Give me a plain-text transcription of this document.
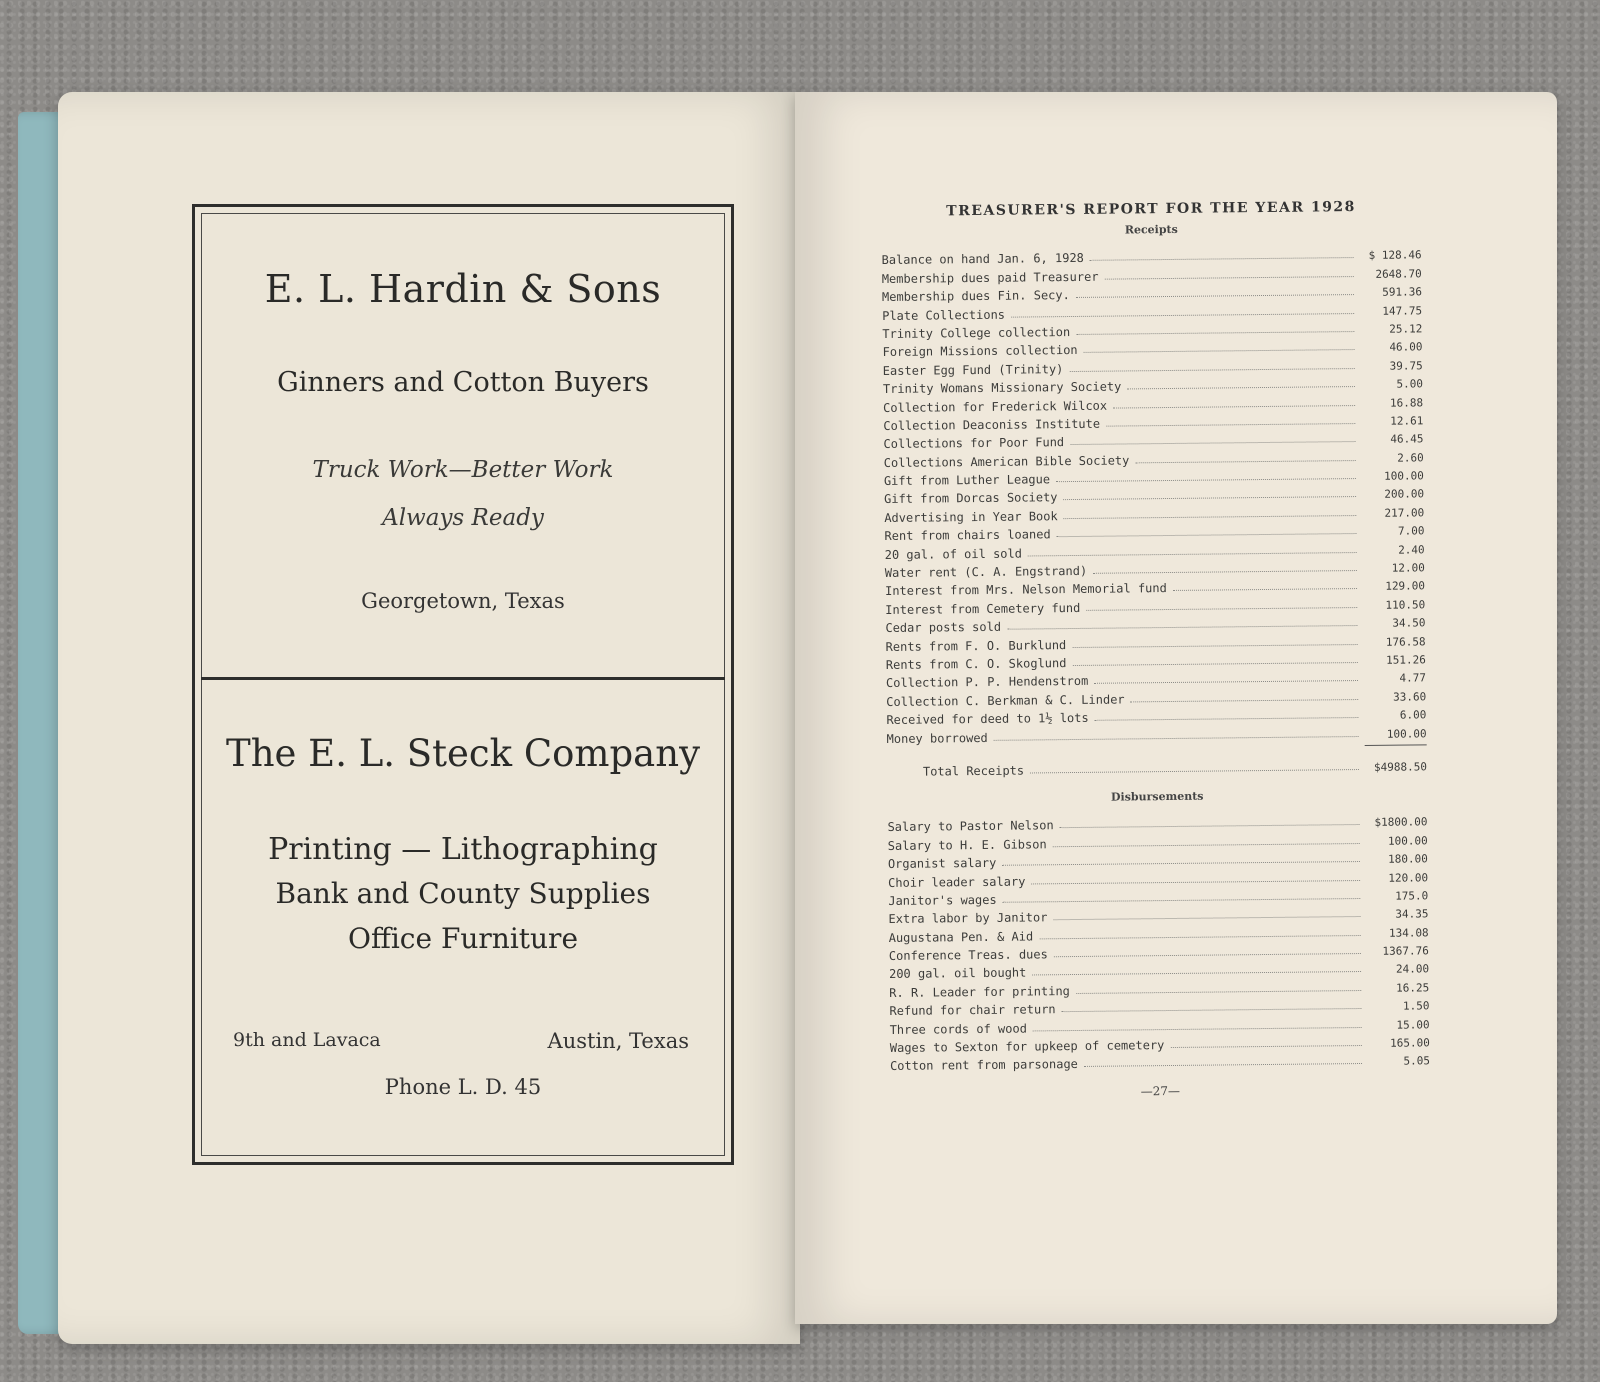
E. L. Hardin & Sons
Ginners and Cotton Buyers
Truck Work—Better Work
Always Ready
Georgetown, Texas
The E. L. Steck Company
Printing — Lithographing
Bank and County Supplies
Office Furniture
9th and Lavaca	Austin, Texas
Phone L. D. 45
TREASURER'S REPORT FOR THE YEAR 1928
Receipts
Balance on hand Jan. 6, 1928	$ 128.46
Membership dues paid Treasurer	2648.70
Membership dues Fin. Secy.	591.36
Plate Collections	147.75
Trinity College collection	25.12
Foreign Missions collection	46.00
Easter Egg Fund (Trinity)	39.75
Trinity Womans Missionary Society	5.00
Collection for Frederick Wilcox	16.88
Collection Deaconiss Institute	12.61
Collections for Poor Fund	46.45
Collections American Bible Society	2.60
Gift from Luther League	100.00
Gift from Dorcas Society	200.00
Advertising in Year Book	217.00
Rent from chairs loaned	7.00
20 gal. of oil sold	2.40
Water rent (C. A. Engstrand)	12.00
Interest from Mrs. Nelson Memorial fund	129.00
Interest from Cemetery fund	110.50
Cedar posts sold	34.50
Rents from F. O. Burklund	176.58
Rents from C. O. Skoglund	151.26
Collection P. P. Hendenstrom	4.77
Collection C. Berkman & C. Linder	33.60
Received for deed to 1½ lots	6.00
Money borrowed	100.00
Total Receipts	$4988.50
Disbursements
Salary to Pastor Nelson	$1800.00
Salary to H. E. Gibson	100.00
Organist salary	180.00
Choir leader salary	120.00
Janitor's wages	175.0
Extra labor by Janitor	34.35
Augustana Pen. & Aid	134.08
Conference Treas. dues	1367.76
200 gal. oil bought	24.00
R. R. Leader for printing	16.25
Refund for chair return	1.50
Three cords of wood	15.00
Wages to Sexton for upkeep of cemetery	165.00
Cotton rent from parsonage	5.05
—27—
